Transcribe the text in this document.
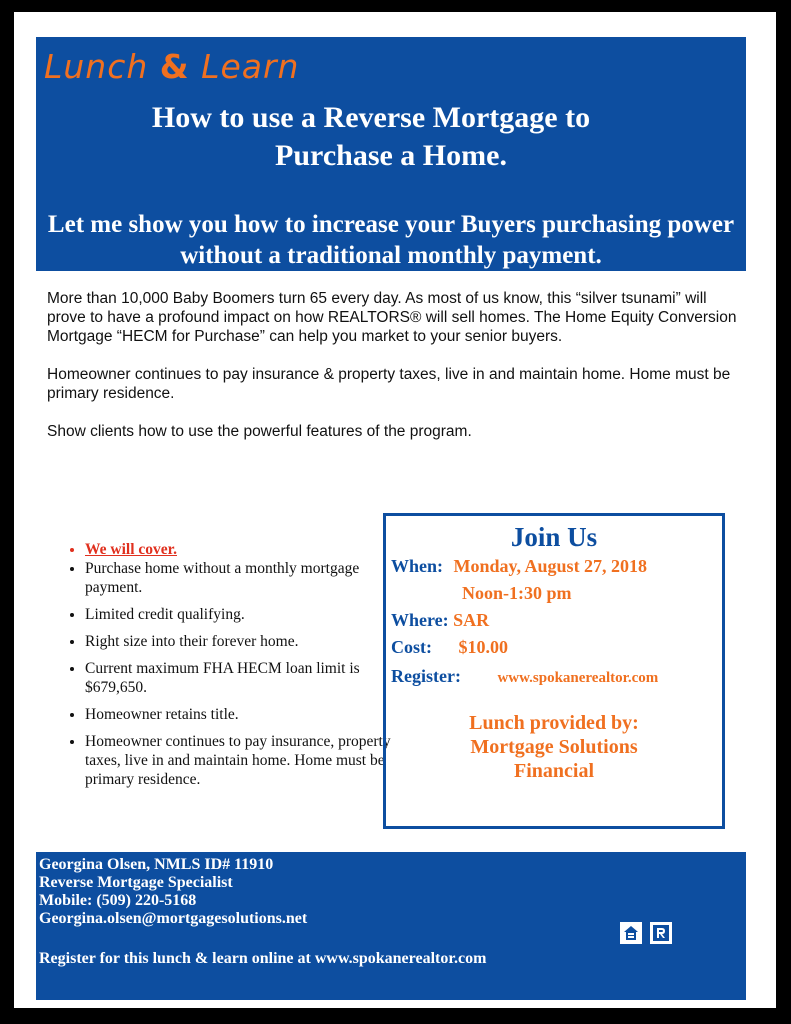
Lunch & Learn
How to use a Reverse Mortgage to
Purchase a Home.
Let me show you how to increase your Buyers purchasing power without a traditional monthly payment.

More than 10,000 Baby Boomers turn 65 every day. As most of us know, this “silver tsunami” will prove to have a profound impact on how REALTORS® will sell homes. The Home Equity Conversion Mortgage “HECM for Purchase” can help you market to your senior buyers.

Homeowner continues to pay insurance & property taxes, live in and maintain home. Home must be primary residence.

Show clients how to use the powerful features of the program.

• We will cover.
• Purchase home without a monthly mortgage payment.
• Limited credit qualifying.
• Right size into their forever home.
• Current maximum FHA HECM loan limit is $679,650.
• Homeowner retains title.
• Homeowner continues to pay insurance, property taxes, live in and maintain home. Home must be primary residence.
Join Us
When: Monday, August 27, 2018
Noon-1:30 pm
Where: SAR
Cost: $10.00
Register: www.spokanerealtor.com
Lunch provided by:
Mortgage Solutions
Financial
Georgina Olsen, NMLS ID# 11910
Reverse Mortgage Specialist
Mobile: (509) 220-5168
Georgina.olsen@mortgagesolutions.net
Register for this lunch & learn online at www.spokanerealtor.com
